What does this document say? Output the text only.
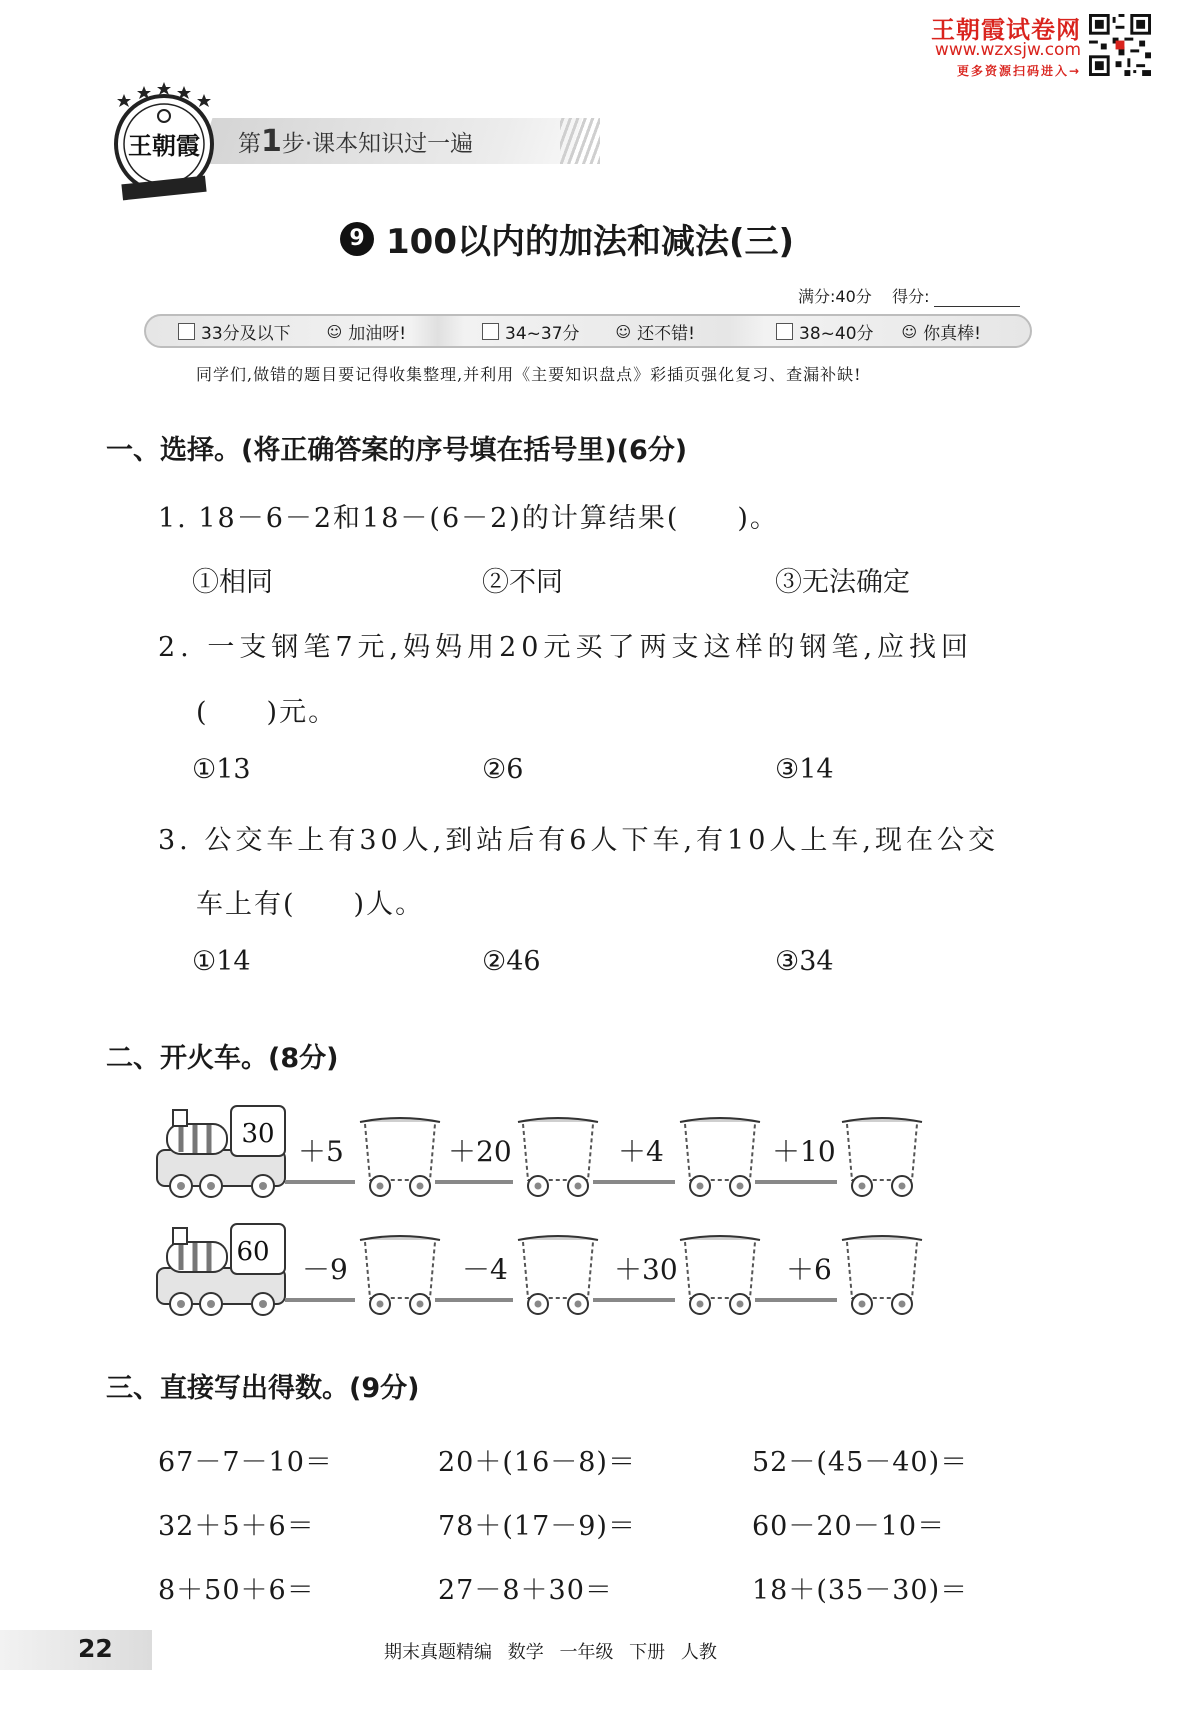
王朝霞试卷网
www.wzxsjw.com
更多资源扫码进入→
第1步·课本知识过一遍
王朝霞
9 100以内的加法和减法(三)
满分:40分 得分:
33分及以下 ☺ 加油呀!	34~37分 ☺ 还不错!	38~40分 ☺ 你真棒!
同学们,做错的题目要记得收集整理,并利用《主要知识盘点》彩插页强化复习、查漏补缺!
一、选择。(将正确答案的序号填在括号里)(6分)
1. 18－6－2和18－(6－2)的计算结果(　　)。
①相同	②不同	③无法确定
2. 一支钢笔7元,妈妈用20元买了两支这样的钢笔,应找回
(　　)元。
①13	②6	③14
3. 公交车上有30人,到站后有6人下车,有10人上车,现在公交
车上有(　　)人。
①14	②46	③34
二、开火车。(8分)
30
＋5	＋20	＋4	＋10
60
－9	－4	＋30	＋6
三、直接写出得数。(9分)
67－7－10＝	20＋(16－8)＝	52－(45－40)＝
32＋5＋6＝	78＋(17－9)＝	60－20－10＝
8＋50＋6＝	27－8＋30＝	18＋(35－30)＝
22	期末真题精编 数学 一年级 下册 人教
